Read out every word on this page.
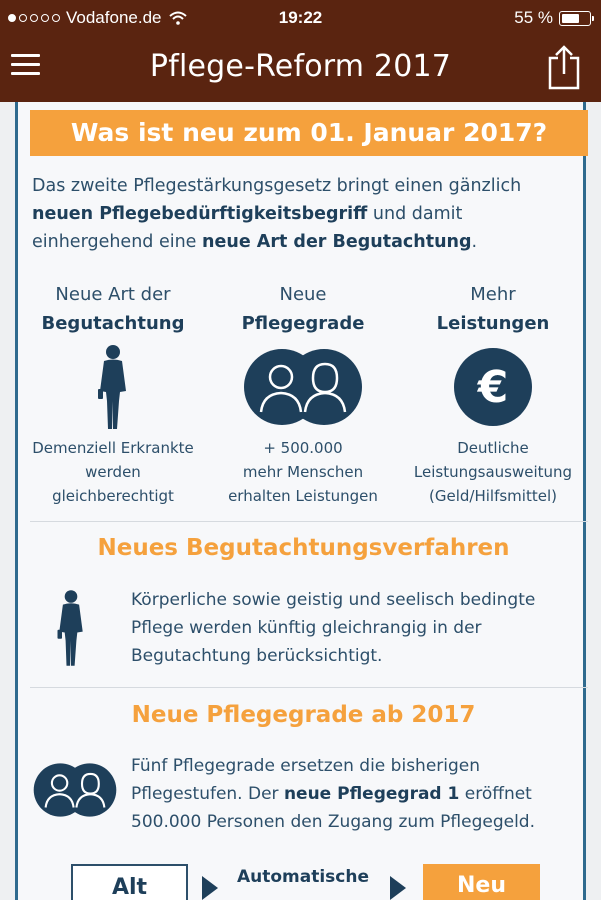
Vodafone.de	19:22	55 %
Pflege-Reform 2017
Was ist neu zum 01. Januar 2017?
Das zweite Pflegestärkungsgesetz bringt einen gänzlich neuen Pflegebedürftigkeitsbegriff und damit einhergehend eine neue Art der Begutachtung.
Neue Art der
Begutachtung
Demenziell Erkrankte
werden
gleichberechtigt
Neue
Pflegegrade
+ 500.000
mehr Menschen
erhalten Leistungen
Mehr
Leistungen
€
Deutliche
Leistungsausweitung
(Geld/Hilfsmittel)
Neues Begutachtungsverfahren
Körperliche sowie geistig und seelisch bedingte Pflege werden künftig gleichrangig in der Begutachtung berücksichtigt.
Neue Pflegegrade ab 2017
Fünf Pflegegrade ersetzen die bisherigen Pflegestufen. Der neue Pflegegrad 1 eröffnet 500.000 Personen den Zugang zum Pflegegeld.
Alt	Automatische	Neu
